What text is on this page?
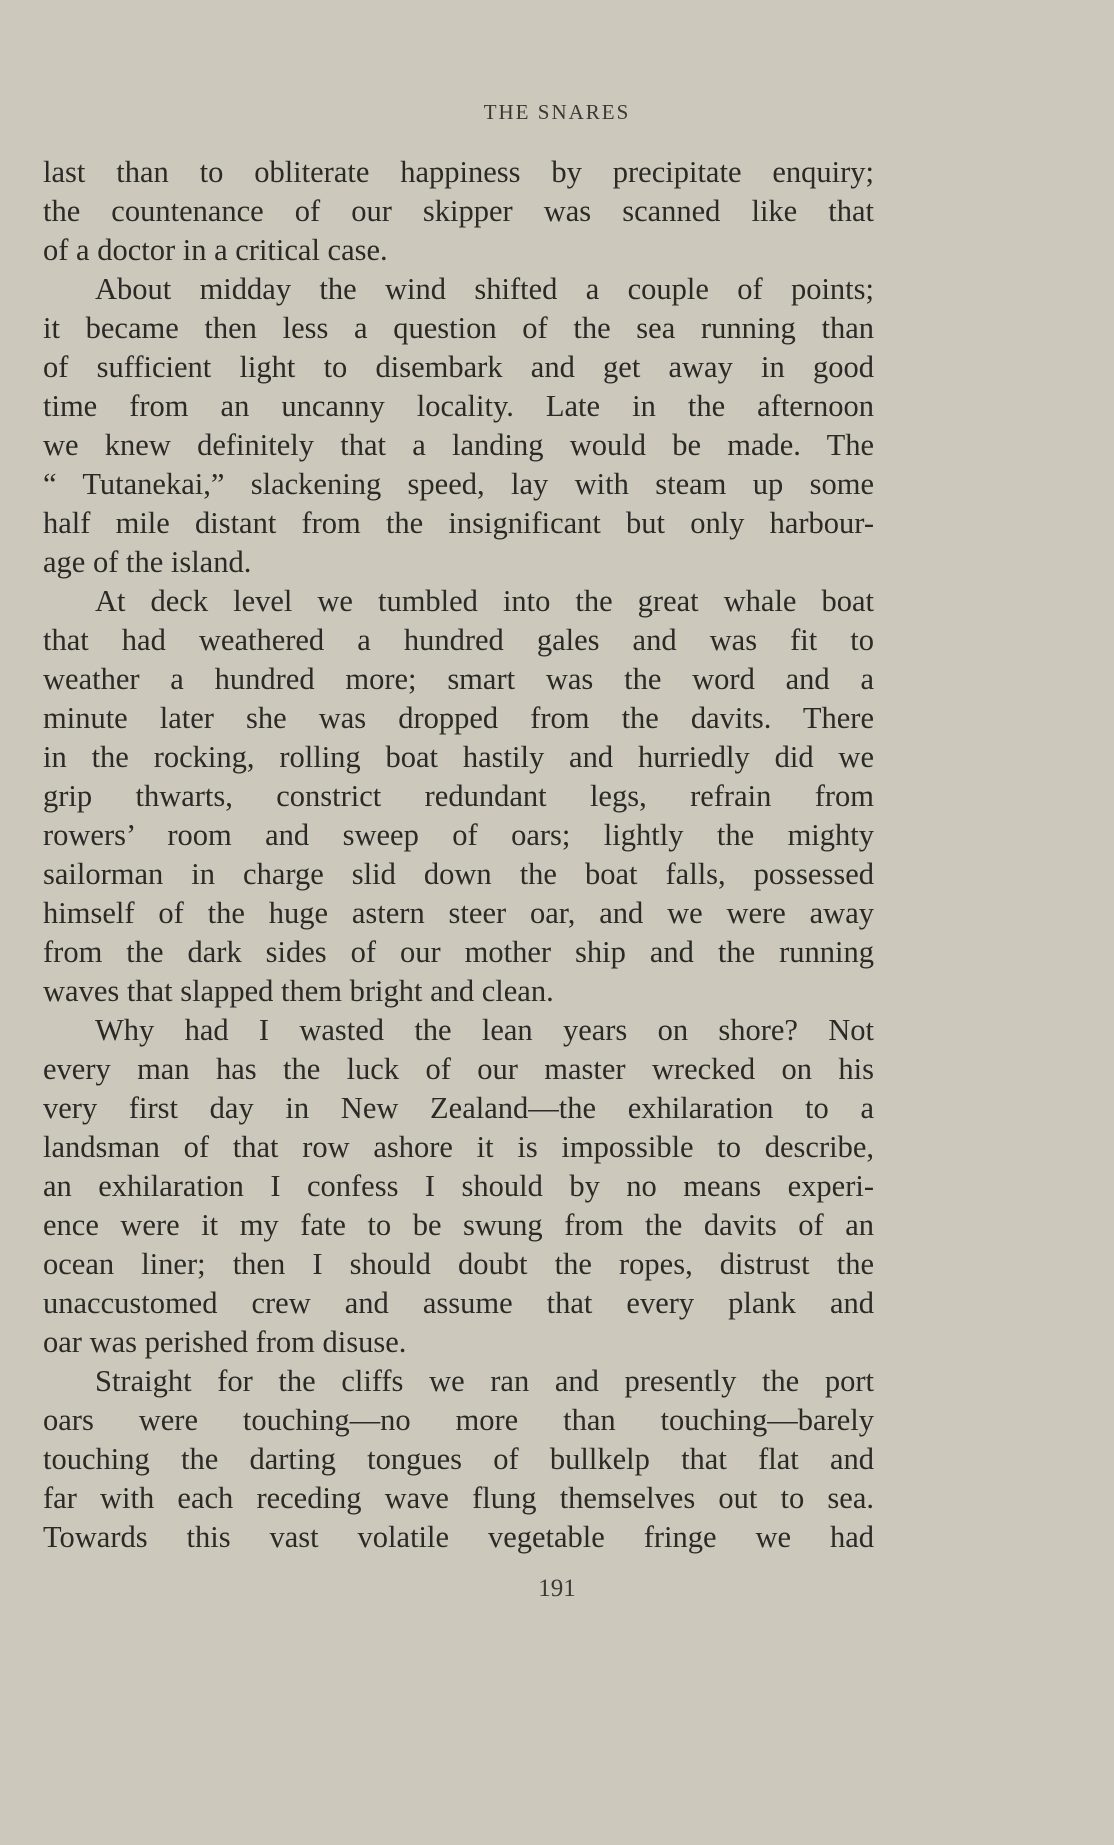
THE SNARES
last than to obliterate happiness by precipitate enquiry;
the countenance of our skipper was scanned like that
of a doctor in a critical case.
About midday the wind shifted a couple of points;
it became then less a question of the sea running than
of sufficient light to disembark and get away in good
time from an uncanny locality. Late in the afternoon
we knew definitely that a landing would be made. The
“ Tutanekai,” slackening speed, lay with steam up some
half mile distant from the insignificant but only harbour-
age of the island.
At deck level we tumbled into the great whale boat
that had weathered a hundred gales and was fit to
weather a hundred more; smart was the word and a
minute later she was dropped from the davits. There
in the rocking, rolling boat hastily and hurriedly did we
grip thwarts, constrict redundant legs, refrain from
rowers’ room and sweep of oars; lightly the mighty
sailorman in charge slid down the boat falls, possessed
himself of the huge astern steer oar, and we were away
from the dark sides of our mother ship and the running
waves that slapped them bright and clean.
Why had I wasted the lean years on shore? Not
every man has the luck of our master wrecked on his
very first day in New Zealand—the exhilaration to a
landsman of that row ashore it is impossible to describe,
an exhilaration I confess I should by no means experi-
ence were it my fate to be swung from the davits of an
ocean liner; then I should doubt the ropes, distrust the
unaccustomed crew and assume that every plank and
oar was perished from disuse.
Straight for the cliffs we ran and presently the port
oars were touching—no more than touching—barely
touching the darting tongues of bullkelp that flat and
far with each receding wave flung themselves out to sea.
Towards this vast volatile vegetable fringe we had
191
